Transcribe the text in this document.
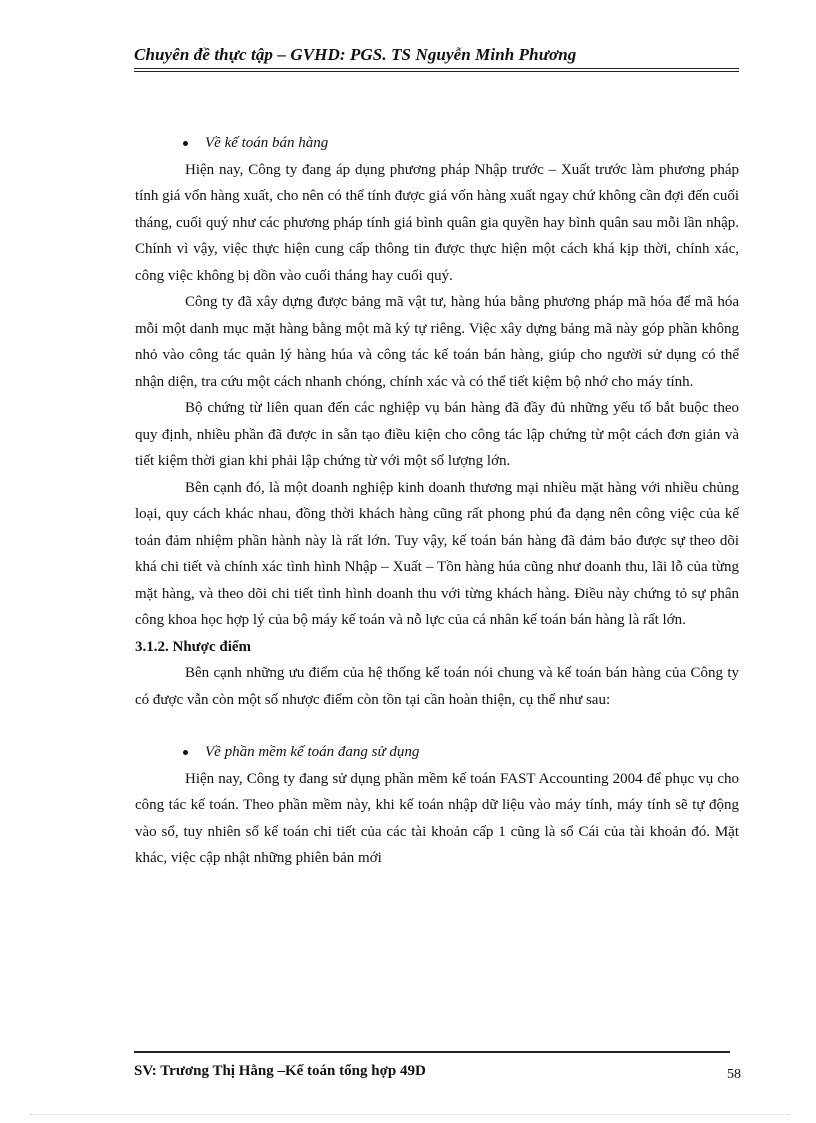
Chuyên đề thực tập – GVHD: PGS. TS Nguyễn Minh Phương
Về kế toán bán hàng

Hiện nay, Công ty đang áp dụng phương pháp Nhập trước – Xuất trước làm phương pháp tính giá vốn hàng xuất, cho nên có thể tính được giá vốn hàng xuất ngay chứ không cần đợi đến cuối tháng, cuối quý như các phương pháp tính giá bình quân gia quyền hay bình quân sau mỗi lần nhập. Chính vì vậy, việc thực hiện cung cấp thông tin được thực hiện một cách khá kịp thời, chính xác, công việc không bị dồn vào cuối tháng hay cuối quý.

Công ty đã xây dựng được bảng mã vật tư, hàng húa bằng phương pháp mã hóa để mã hóa mỗi một danh mục mặt hàng bằng một mã ký tự riêng. Việc xây dựng bảng mã này góp phần không nhỏ vào công tác quản lý hàng húa và công tác kế toán bán hàng, giúp cho người sử dụng có thể nhận diện, tra cứu một cách nhanh chóng, chính xác và có thể tiết kiệm bộ nhớ cho máy tính.

Bộ chứng từ liên quan đến các nghiệp vụ bán hàng đã đầy đủ những yếu tố bắt buộc theo quy định, nhiều phần đã được in sẵn tạo điều kiện cho công tác lập chứng từ một cách đơn giản và tiết kiệm thời gian khi phải lập chứng từ với một số lượng lớn.

Bên cạnh đó, là một doanh nghiệp kinh doanh thương mại nhiều mặt hàng với nhiều chủng loại, quy cách khác nhau, đồng thời khách hàng cũng rất phong phú đa dạng nên công việc của kế toán đảm nhiệm phần hành này là rất lớn. Tuy vậy, kế toán bán hàng đã đảm bảo được sự theo dõi khá chi tiết và chính xác tình hình Nhập – Xuất – Tồn hàng húa cũng như doanh thu, lãi lỗ của từng mặt hàng, và theo dõi chi tiết tình hình doanh thu với từng khách hàng. Điều này chứng tỏ sự phân công khoa học hợp lý của bộ máy kế toán và nỗ lực của cá nhân kế toán bán hàng là rất lớn.

3.1.2. Nhược điểm

Bên cạnh những ưu điểm của hệ thống kế toán nói chung và kế toán bán hàng của Công ty có được vẫn còn một số nhược điểm còn tồn tại cần hoàn thiện, cụ thể như sau:

Về phần mềm kế toán đang sử dụng

Hiện nay, Công ty đang sử dụng phần mềm kế toán FAST Accounting 2004 để phục vụ cho công tác kế toán. Theo phần mềm này, khi kế toán nhập dữ liệu vào máy tính, máy tính sẽ tự động vào sổ, tuy nhiên sổ kế toán chi tiết của các tài khoản cấp 1 cũng là sổ Cái của tài khoản đó. Mặt khác, việc cập nhật những phiên bản mới

SV: Trương Thị Hằng –Kế toán tổng hợp 49D	58
